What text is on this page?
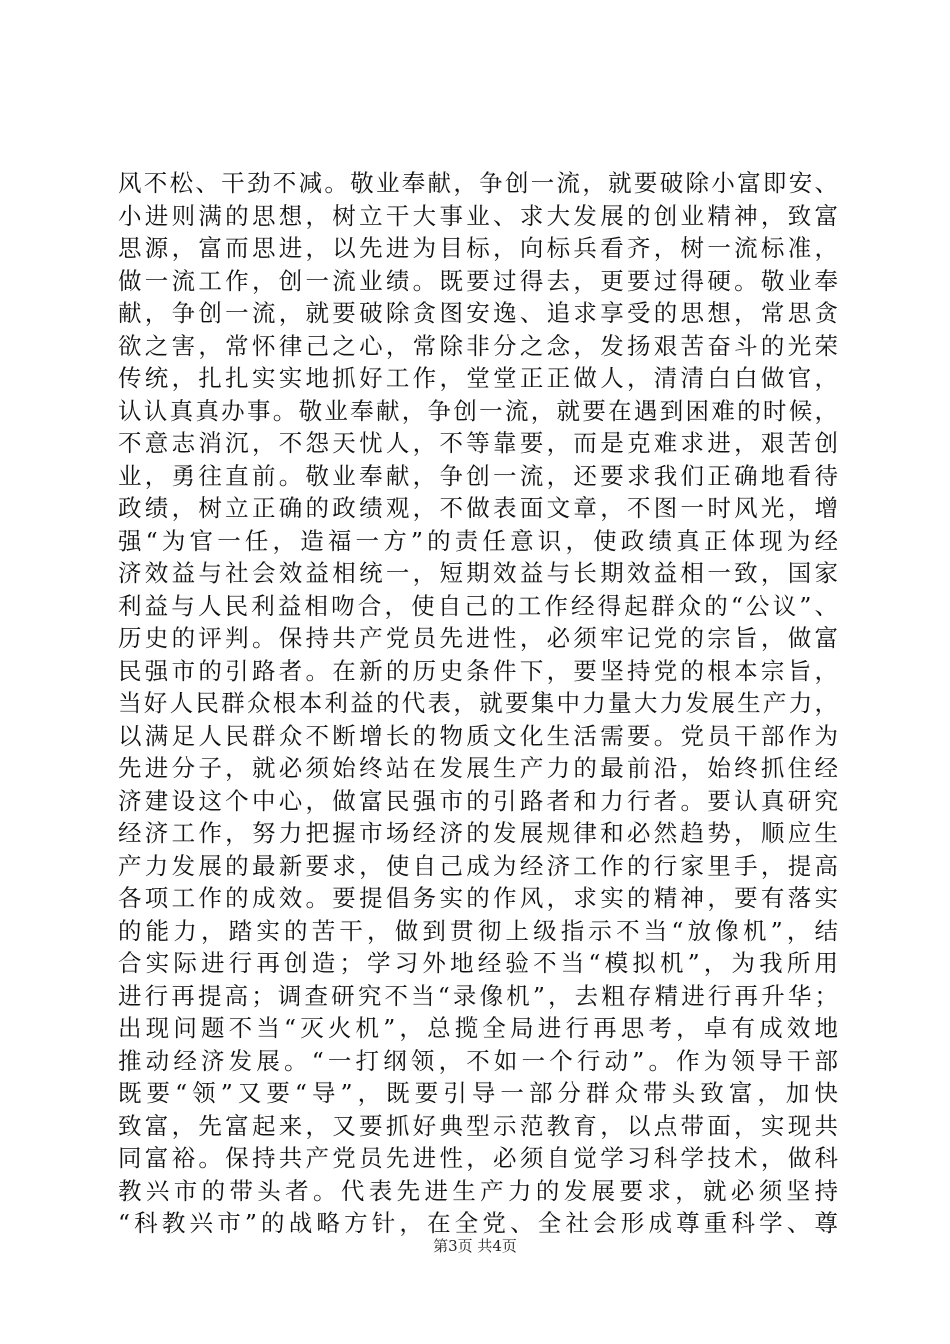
风不松、干劲不减。敬业奉献，争创一流，就要破除小富即安、
小进则满的思想，树立干大事业、求大发展的创业精神，致富
思源，富而思进，以先进为目标，向标兵看齐，树一流标准，
做一流工作，创一流业绩。既要过得去，更要过得硬。敬业奉
献，争创一流，就要破除贪图安逸、追求享受的思想，常思贪
欲之害，常怀律己之心，常除非分之念，发扬艰苦奋斗的光荣
传统，扎扎实实地抓好工作，堂堂正正做人，清清白白做官，
认认真真办事。敬业奉献，争创一流，就要在遇到困难的时候，
不意志消沉，不怨天忧人，不等靠要，而是克难求进，艰苦创
业，勇往直前。敬业奉献，争创一流，还要求我们正确地看待
政绩，树立正确的政绩观，不做表面文章，不图一时风光，增
强“为官一任，造福一方”的责任意识，使政绩真正体现为经
济效益与社会效益相统一，短期效益与长期效益相一致，国家
利益与人民利益相吻合，使自己的工作经得起群众的“公议”、
历史的评判。保持共产党员先进性，必须牢记党的宗旨，做富
民强市的引路者。在新的历史条件下，要坚持党的根本宗旨，
当好人民群众根本利益的代表，就要集中力量大力发展生产力，
以满足人民群众不断增长的物质文化生活需要。党员干部作为
先进分子，就必须始终站在发展生产力的最前沿，始终抓住经
济建设这个中心，做富民强市的引路者和力行者。要认真研究
经济工作，努力把握市场经济的发展规律和必然趋势，顺应生
产力发展的最新要求，使自己成为经济工作的行家里手，提高
各项工作的成效。要提倡务实的作风，求实的精神，要有落实
的能力，踏实的苦干，做到贯彻上级指示不当“放像机”，结
合实际进行再创造；学习外地经验不当“模拟机”，为我所用
进行再提高；调查研究不当“录像机”，去粗存精进行再升华；
出现问题不当“灭火机”，总揽全局进行再思考，卓有成效地
推动经济发展。“一打纲领，不如一个行动”。作为领导干部
既要“领”又要“导”，既要引导一部分群众带头致富，加快
致富，先富起来，又要抓好典型示范教育，以点带面，实现共
同富裕。保持共产党员先进性，必须自觉学习科学技术，做科
教兴市的带头者。代表先进生产力的发展要求，就必须坚持
“科教兴市”的战略方针，在全党、全社会形成尊重科学、尊
第3页 共4页
